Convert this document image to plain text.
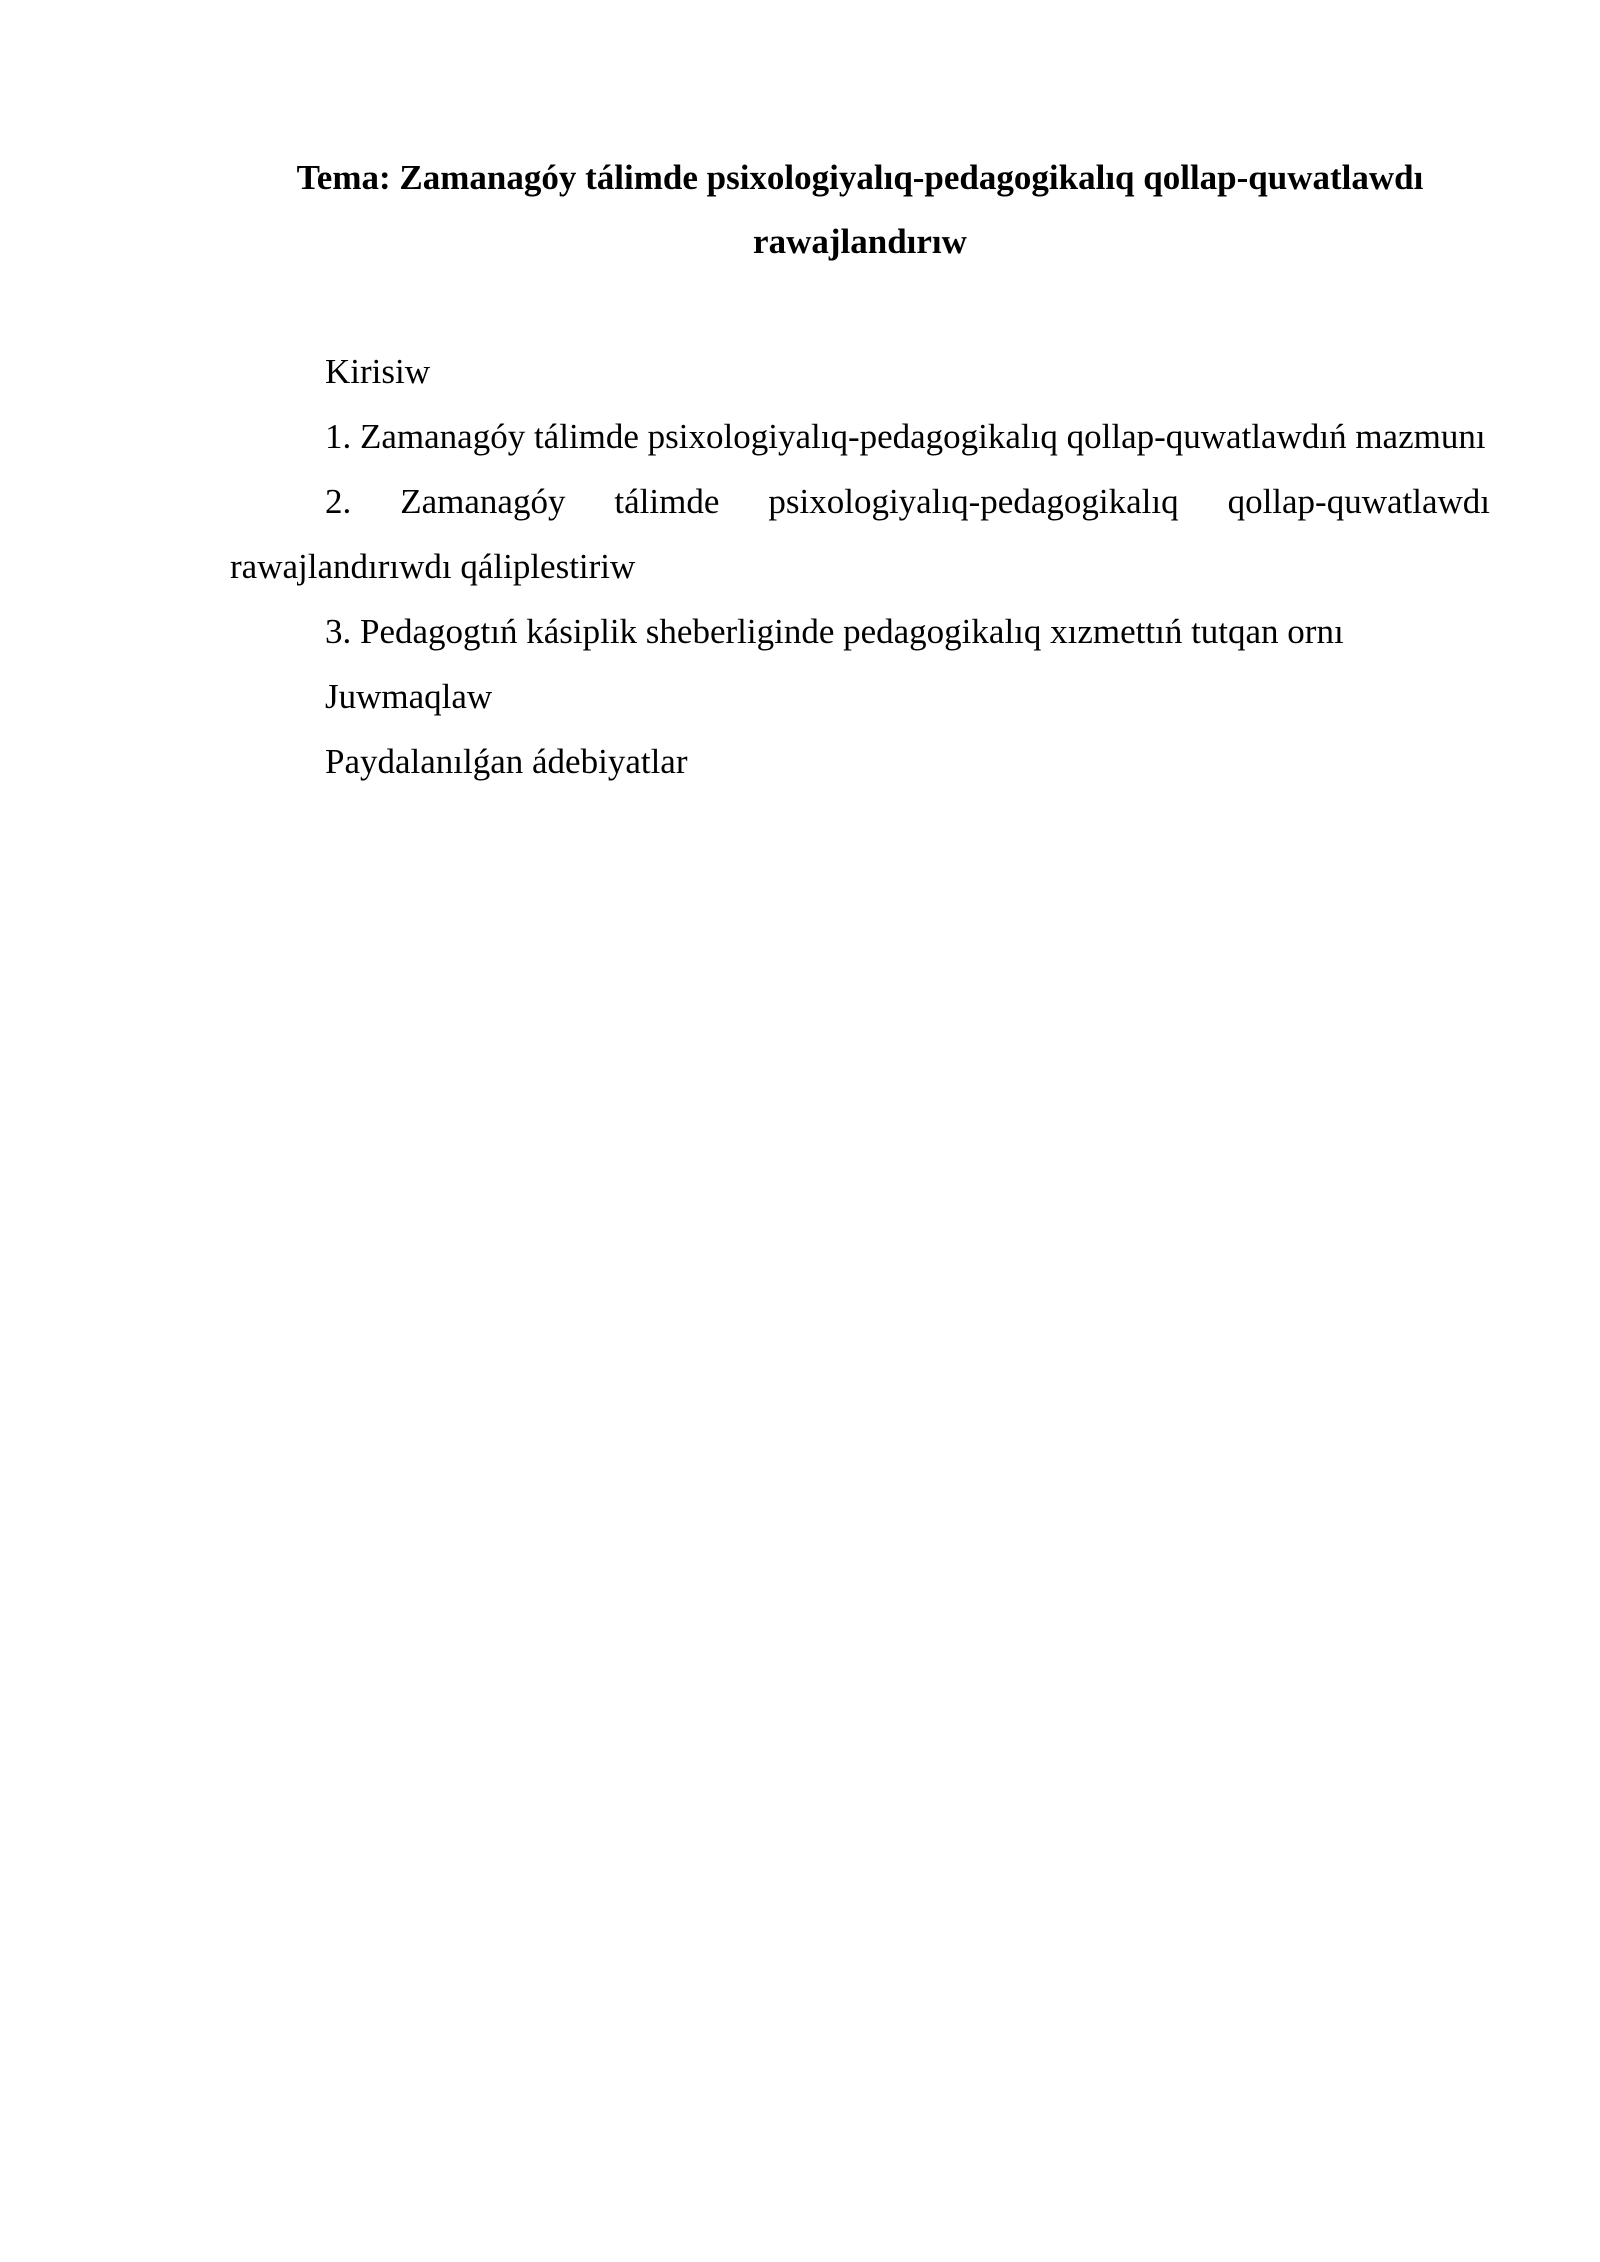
Tema: Zamanagóy tálimde psixologiyalıq-pedagogikalıq qollap-quwatlawdı rawajlandırıw

Kirisiw

1. Zamanagóy tálimde psixologiyalıq-pedagogikalıq qollap-quwatlawdıń mazmunı

2. Zamanagóy tálimde psixologiyalıq-pedagogikalıq qollap-quwatlawdı rawajlandırıwdı qáliplestiriw

3. Pedagogtıń kásiplik sheberliginde pedagogikalıq xızmettıń tutqan ornı

Juwmaqlaw

Paydalanılǵan ádebiyatlar
